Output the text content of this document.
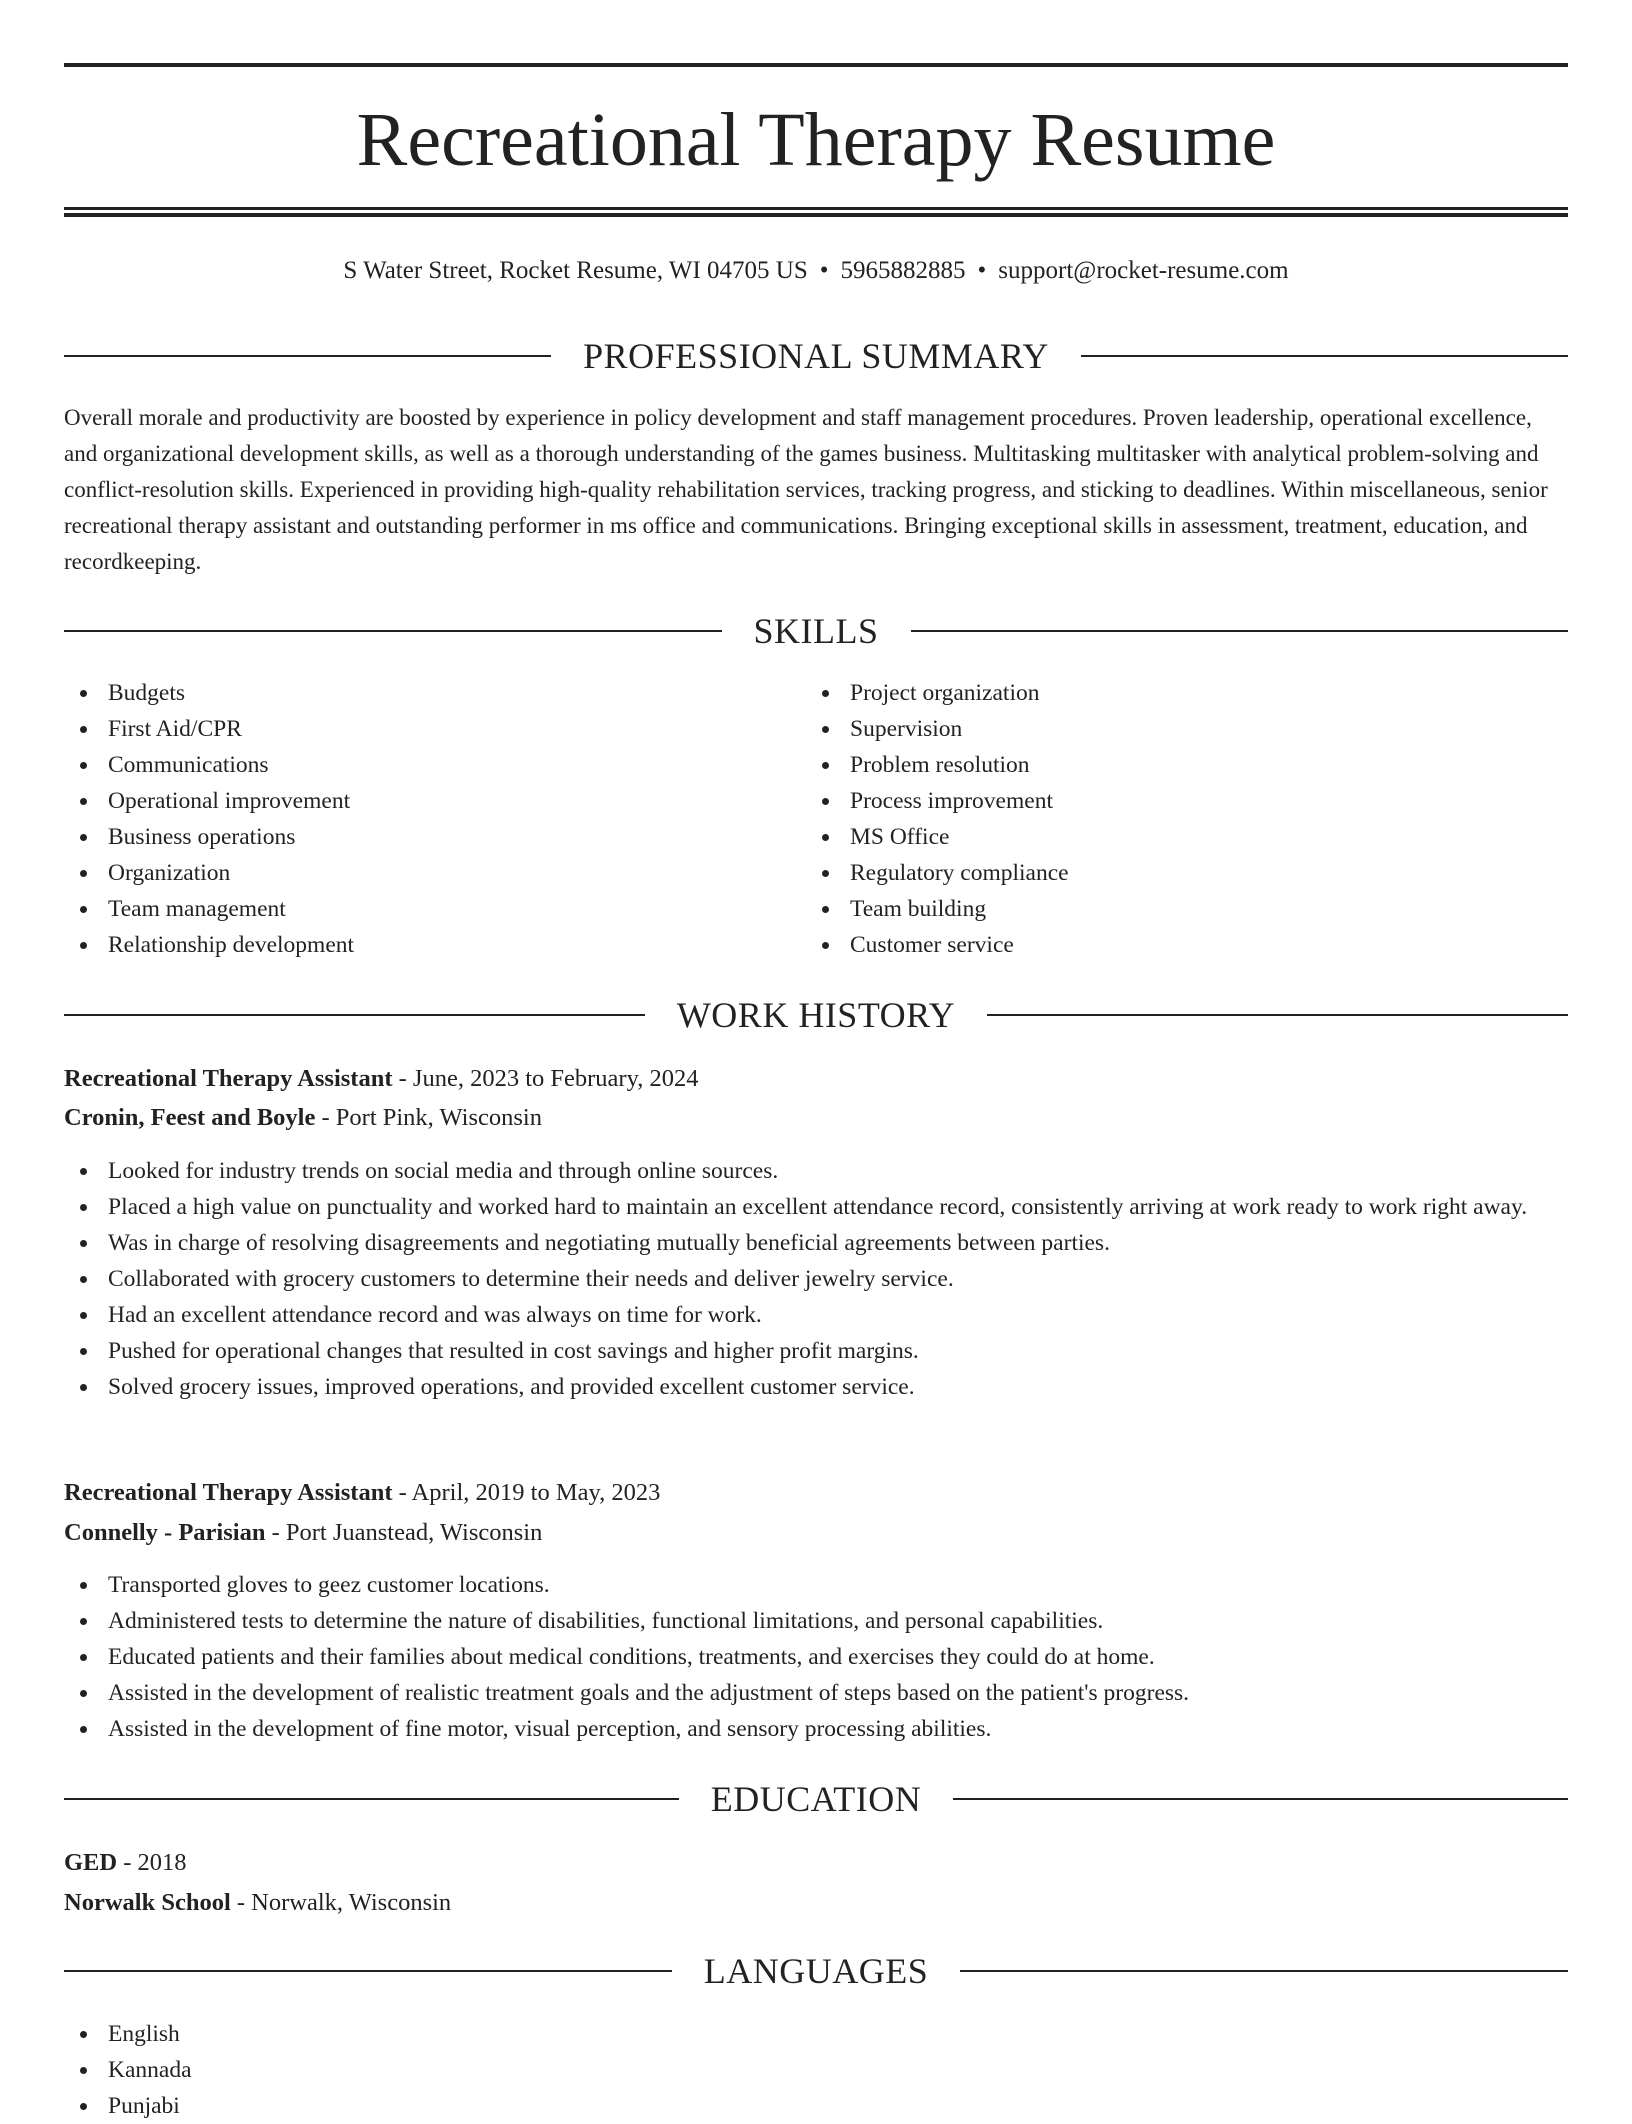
Recreational Therapy Resume
S Water Street, Rocket Resume, WI 04705 US • 5965882885 • support@rocket-resume.com
PROFESSIONAL SUMMARY

Overall morale and productivity are boosted by experience in policy development and staff management procedures. Proven leadership, operational excellence, and organizational development skills, as well as a thorough understanding of the games business. Multitasking multitasker with analytical problem-solving and conflict-resolution skills. Experienced in providing high-quality rehabilitation services, tracking progress, and sticking to deadlines. Within miscellaneous, senior recreational therapy assistant and outstanding performer in ms office and communications. Bringing exceptional skills in assessment, treatment, education, and recordkeeping.

SKILLS
Budgets
First Aid/CPR
Communications
Operational improvement
Business operations
Organization
Team management
Relationship development
Project organization
Supervision
Problem resolution
Process improvement
MS Office
Regulatory compliance
Team building
Customer service
WORK HISTORY
Recreational Therapy Assistant - June, 2023 to February, 2024
Cronin, Feest and Boyle - Port Pink, Wisconsin
Looked for industry trends on social media and through online sources.
Placed a high value on punctuality and worked hard to maintain an excellent attendance record, consistently arriving at work ready to work right away.
Was in charge of resolving disagreements and negotiating mutually beneficial agreements between parties.
Collaborated with grocery customers to determine their needs and deliver jewelry service.
Had an excellent attendance record and was always on time for work.
Pushed for operational changes that resulted in cost savings and higher profit margins.
Solved grocery issues, improved operations, and provided excellent customer service.
Recreational Therapy Assistant - April, 2019 to May, 2023
Connelly - Parisian - Port Juanstead, Wisconsin
Transported gloves to geez customer locations.
Administered tests to determine the nature of disabilities, functional limitations, and personal capabilities.
Educated patients and their families about medical conditions, treatments, and exercises they could do at home.
Assisted in the development of realistic treatment goals and the adjustment of steps based on the patient's progress.
Assisted in the development of fine motor, visual perception, and sensory processing abilities.
EDUCATION
GED - 2018
Norwalk School - Norwalk, Wisconsin
LANGUAGES
English
Kannada
Punjabi
